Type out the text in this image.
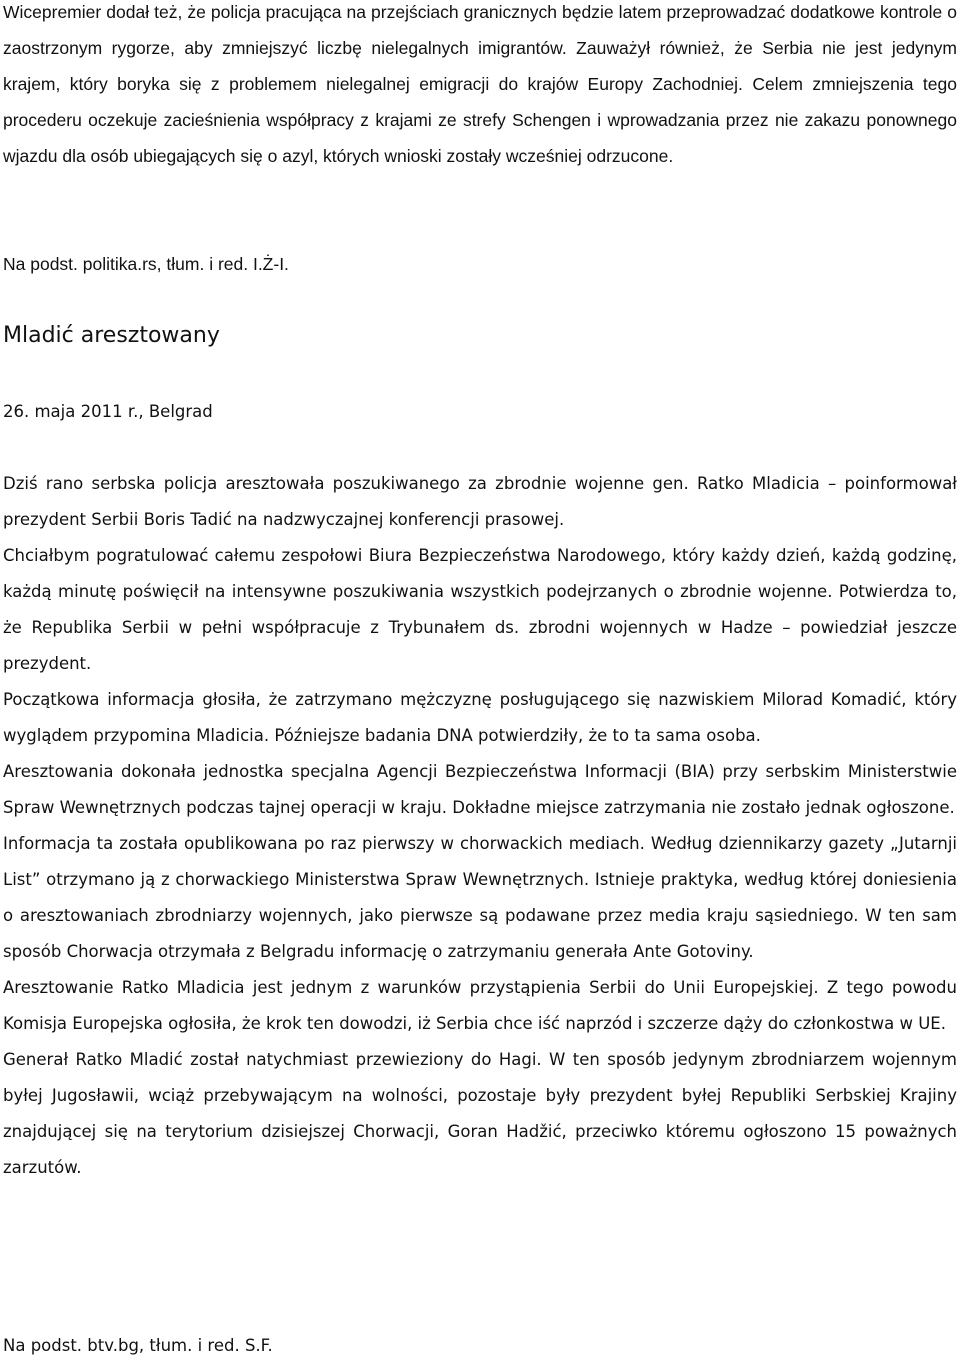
Wicepremier dodał też, że policja pracująca na przejściach granicznych będzie latem przeprowadzać dodatkowe kontrole o zaostrzonym rygorze, aby zmniejszyć liczbę nielegalnych imigrantów. Zauważył również, że Serbia nie jest jedynym krajem, który boryka się z problemem nielegalnej emigracji do krajów Europy Zachodniej. Celem zmniejszenia tego procederu oczekuje zacieśnienia współpracy z krajami ze strefy Schengen i wprowadzania przez nie zakazu ponownego wjazdu dla osób ubiegających się o azyl, których wnioski zostały wcześniej odrzucone.

Na podst. politika.rs, tłum. i red. I.Ż-I.
Mladić aresztowany
26. maja 2011 r., Belgrad

Dziś rano serbska policja aresztowała poszukiwanego za zbrodnie wojenne gen. Ratko Mladicia – poinformował prezydent Serbii Boris Tadić na nadzwyczajnej konferencji prasowej.

Chciałbym pogratulować całemu zespołowi Biura Bezpieczeństwa Narodowego, który każdy dzień, każdą godzinę, każdą minutę poświęcił na intensywne poszukiwania wszystkich podejrzanych o zbrodnie wojenne. Potwierdza to, że Republika Serbii w pełni współpracuje z Trybunałem ds. zbrodni wojennych w Hadze – powiedział jeszcze prezydent.

Początkowa informacja głosiła, że zatrzymano mężczyznę posługującego się nazwiskiem Milorad Komadić, który wyglądem przypomina Mladicia. Późniejsze badania DNA potwierdziły, że to ta sama osoba.

Aresztowania dokonała jednostka specjalna Agencji Bezpieczeństwa Informacji (BIA) przy serbskim Ministerstwie Spraw Wewnętrznych podczas tajnej operacji w kraju. Dokładne miejsce zatrzymania nie zostało jednak ogłoszone.

Informacja ta została opublikowana po raz pierwszy w chorwackich mediach. Według dziennikarzy gazety „Jutarnji List” otrzymano ją z chorwackiego Ministerstwa Spraw Wewnętrznych. Istnieje praktyka, według której doniesienia o aresztowaniach zbrodniarzy wojennych, jako pierwsze są podawane przez media kraju sąsiedniego. W ten sam sposób Chorwacja otrzymała z Belgradu informację o zatrzymaniu generała Ante Gotoviny.

Aresztowanie Ratko Mladicia jest jednym z warunków przystąpienia Serbii do Unii Europejskiej. Z tego powodu Komisja Europejska ogłosiła, że krok ten dowodzi, iż Serbia chce iść naprzód i szczerze dąży do członkostwa w UE.

Generał Ratko Mladić został natychmiast przewieziony do Hagi. W ten sposób jedynym zbrodniarzem wojennym byłej Jugosławii, wciąż przebywającym na wolności, pozostaje były prezydent byłej Republiki Serbskiej Krajiny znajdującej się na terytorium dzisiejszej Chorwacji, Goran Hadžić, przeciwko któremu ogłoszono 15 poważnych zarzutów.

Na podst. btv.bg, tłum. i red. S.F.
